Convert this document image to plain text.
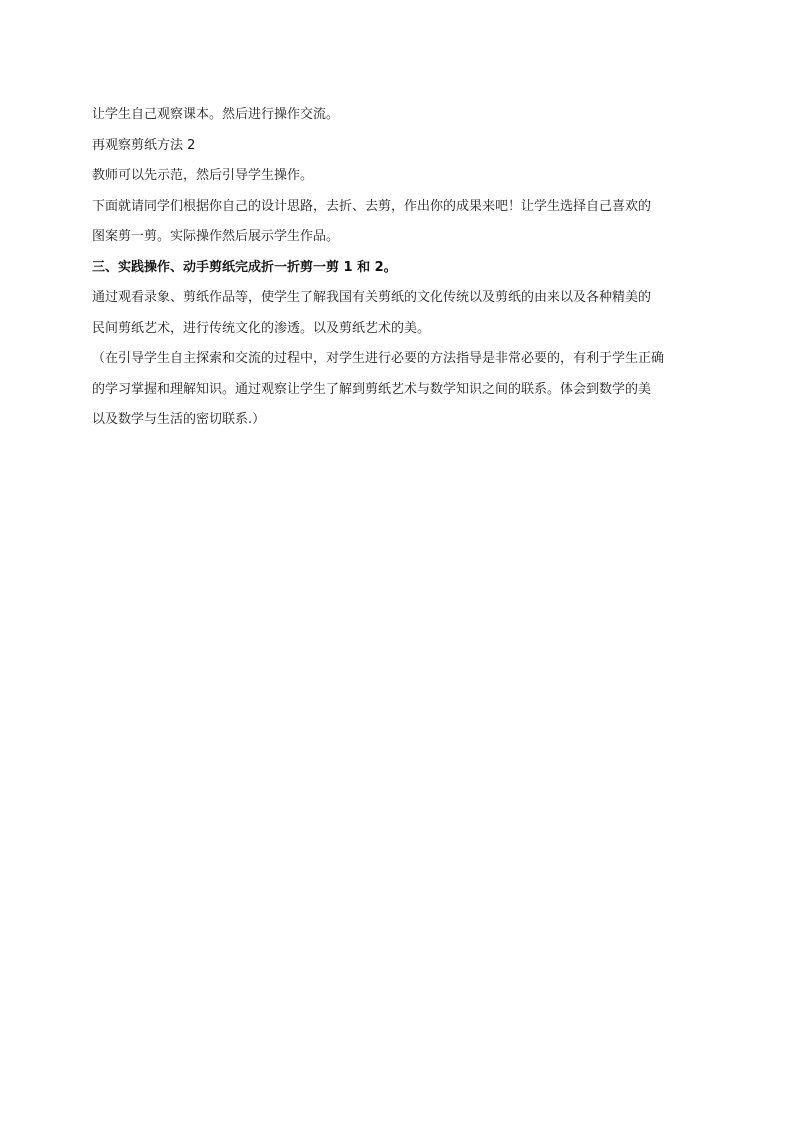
让学生自己观察课本。然后进行操作交流。

再观察剪纸方法 2

教师可以先示范，然后引导学生操作。

下面就请同学们根据你自己的设计思路，去折、去剪，作出你的成果来吧！让学生选择自己喜欢的

图案剪一剪。实际操作然后展示学生作品。

三、实践操作、动手剪纸完成折一折剪一剪 1 和 2。

通过观看录象、剪纸作品等，使学生了解我国有关剪纸的文化传统以及剪纸的由来以及各种精美的

民间剪纸艺术，进行传统文化的渗透。以及剪纸艺术的美。

（在引导学生自主探索和交流的过程中，对学生进行必要的方法指导是非常必要的，有利于学生正确

的学习掌握和理解知识。通过观察让学生了解到剪纸艺术与数学知识之间的联系。体会到数学的美

以及数学与生活的密切联系.）
